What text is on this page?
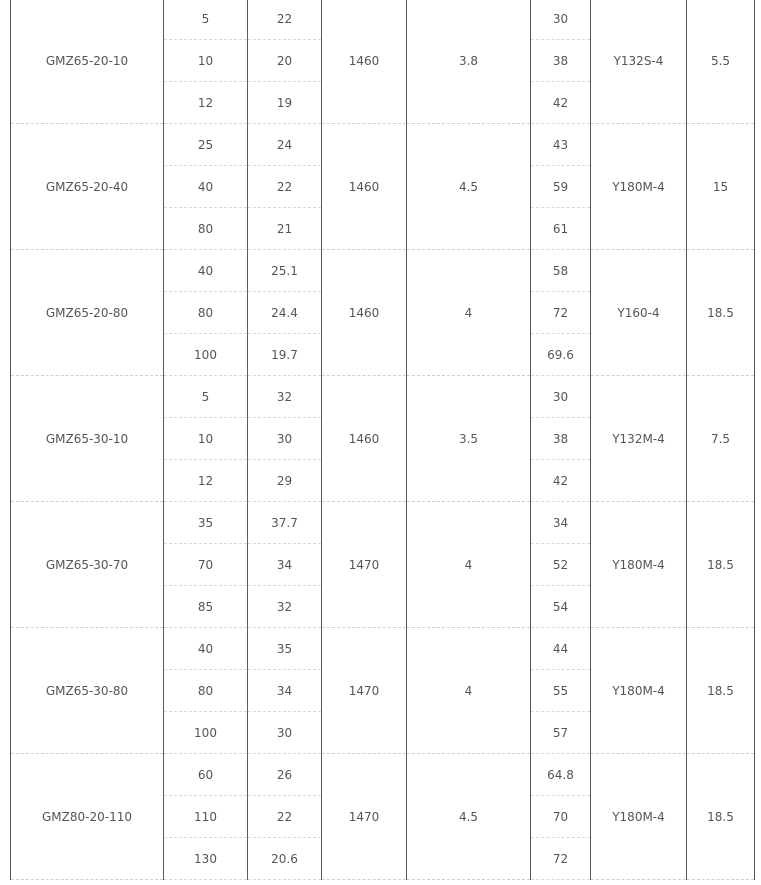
GMZ65-20-10	5	22	1460	3.8	30	Y132S-4	5.5
	10	20			38		
	12	19			42		
GMZ65-20-40	25	24	1460	4.5	43	Y180M-4	15
	40	22			59		
	80	21			61		
GMZ65-20-80	40	25.1	1460	4	58	Y160-4	18.5
	80	24.4			72		
	100	19.7			69.6		
GMZ65-30-10	5	32	1460	3.5	30	Y132M-4	7.5
	10	30			38		
	12	29			42		
GMZ65-30-70	35	37.7	1470	4	34	Y180M-4	18.5
	70	34			52		
	85	32			54		
GMZ65-30-80	40	35	1470	4	44	Y180M-4	18.5
	80	34			55		
	100	30			57		
GMZ80-20-110	60	26	1470	4.5	64.8	Y180M-4	18.5
	110	22			70		
	130	20.6			72		
